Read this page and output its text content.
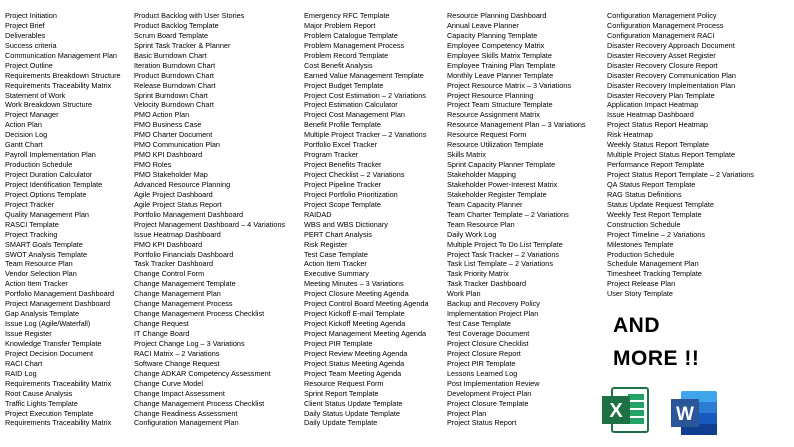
Project Initiation
Project Brief
Deliverables
Success criteria
Communication Management Plan
Project Outline
Requirements Breakdown Structure
Requirements Traceability Matrix
Statement of Work
Work Breakdown Structure
Project Manager
Action Plan
Decision Log
Gantt Chart
Payroll Implementation Plan
Production Schedule
Project Duration Calculator
Project Identification Template
Project Options Template
Project Tracker
Quality Management Plan
RASCI Template
Project Tracking
SMART Goals Template
SWOT Analysis Template
Team Resource Plan
Vendor Selection Plan
Action Item Tracker
Portfolio Management Dashboard
Project Management Dashboard
Gap Analysis Template
Issue Log (Agile/Waterfall)
Issue Register
Knowledge Transfer Template
Project Decision Document
RACI Chart
RAID Log
Requirements Traceability Matrix
Root Cause Analysis
Traffic Lights Template
Project Execution Template
Requirements Traceability Matrix
Product Backlog with User Stories
Product Backlog Template
Scrum Board Template
Sprint Task Tracker & Planner
Basic Burndown Chart
Iteration Burndown Chart
Product Burndown Chart
Release Burndown Chart
Sprint Burndown Chart
Velocity Burndown Chart
PMO Action Plan
PMO Business Case
PMO Charter Document
PMO Communication Plan
PMO KPI Dashboard
PMO Roles
PMO Stakeholder Map
Advanced Resource Planning
Agile Project Dashboard
Agile Project Status Report
Portfolio Management Dashboard
Project Management Dashboard – 4 Variations
Issue Heatmap Dashboard
PMO KPI Dashboard
Portfolio Financials Dashboard
Task Tracker Dashboard
Change Control Form
Change Management Template
Change Management Plan
Change Management Process
Change Management Process Checklist
Change Request
IT Change Board
Project Change Log – 3 Variations
RACI Matrix – 2 Variations
Software Change Request
Change ADKAR Competency Assessment
Change Curve Model
Change Impact Assessment
Change Management Process Checklist
Change Readiness Assessment
Configuration Management Plan
Emergency RFC Template
Major Problem Report
Problem Catalogue Template
Problem Management Process
Problem Record Template
Cost Benefit Analysis
Earned Value Management Template
Project Budget Template
Project Cost Estimation – 2 Variations
Project Estimation Calculator
Project Cost Management Plan
Benefit Profile Template
Multiple Project Tracker – 2 Variations
Portfolio Excel Tracker
Program Tracker
Project Benefits Tracker
Project Checklist – 2 Variations
Project Pipeline Tracker
Project Portfolio Prioritization
Project Scope Template
RAIDAD
WBS and WBS Dictionary
PERT Chart Analysis
Risk Register
Test Case Template
Action Item Tracker
Executive Summary
Meeting Minutes – 3 Variations
Project Closure Meeting Agenda
Project Control Board Meeting Agenda
Project Kickoff E-mail Template
Project Kickoff Meeting Agenda
Project Management Meeting Agenda
Project PIR Template
Project Review Meeting Agenda
Project Status Meeting Agenda
Project Team Meeting Agenda
Resource Request Form
Sprint Report Template
Client Status Update Template
Daily Status Update Template
Daily Update Template
Resource Planning Dashboard
Annual Leave Planner
Capacity Planning Template
Employee Competency Matrix
Employee Skills Matrix Template
Employee Training Plan Template
Monthly Leave Planner Template
Project Resource Matrix – 3 Variations
Project Resource Planning
Project Team Structure Template
Resource Assignment Matrix
Resource Management Plan – 3 Variations
Resource Request Form
Resource Utilization Template
Skills Matrix
Sprint Capacity Planner Template
Stakeholder Mapping
Stakeholder Power-Interest Matrix
Stakeholder Register Template
Team Capacity Planner
Team Charter Template – 2 Variations
Team Resource Plan
Daily Work Log
Multiple Project To Do List Template
Project Task Tracker – 2 Variations
Task List Template – 2 Variations
Task Priority Matrix
Task Tracker Dashboard
Work Plan
Backup and Recovery Policy
Implementation Project Plan
Test Case Template
Test Coverage Document
Project Closure Checklist
Project Closure Report
Project PIR Template
Lessons Learned Log
Post Implementation Review
Development Project Plan
Project Closure Template
Project Plan
Project Status Report
Configuration Management Policy
Configuration Management Process
Configuration Management RACI
Disaster Recovery Approach Document
Disaster Recovery Asset Register
Disaster Recovery Closure Report
Disaster Recovery Communication Plan
Disaster Recovery Implementation Plan
Disaster Recovery Plan Template
Application Impact Heatmap
Issue Heatmap Dashboard
Project Status Report Heatmap
Risk Heatmap
Weekly Status Report Template
Multiple Project Status Report Template
Performance Report Template
Project Status Report Template – 2 Variations
QA Status Report Template
RAG Status Definitions
Status Update Request Template
Weekly Test Report Template
Construction Schedule
Project Timeline – 2 Variations
Milestones Template
Production Schedule
Schedule Management Plan
Timesheet Tracking Template
Project Release Plan
User Story Template
AND
MORE !!
X	W
